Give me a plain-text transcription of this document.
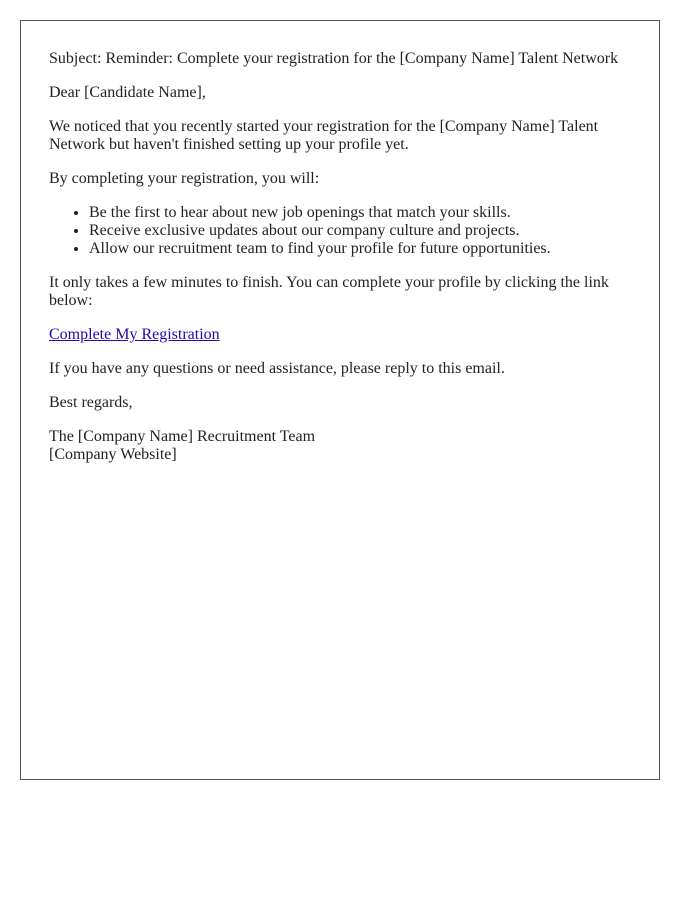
Subject: Reminder: Complete your registration for the [Company Name] Talent Network

Dear [Candidate Name],

We noticed that you recently started your registration for the [Company Name] Talent Network but haven't finished setting up your profile yet.

By completing your registration, you will:

• Be the first to hear about new job openings that match your skills.
• Receive exclusive updates about our company culture and projects.
• Allow our recruitment team to find your profile for future opportunities.

It only takes a few minutes to finish. You can complete your profile by clicking the link below:

Complete My Registration

If you have any questions or need assistance, please reply to this email.

Best regards,

The [Company Name] Recruitment Team
[Company Website]
